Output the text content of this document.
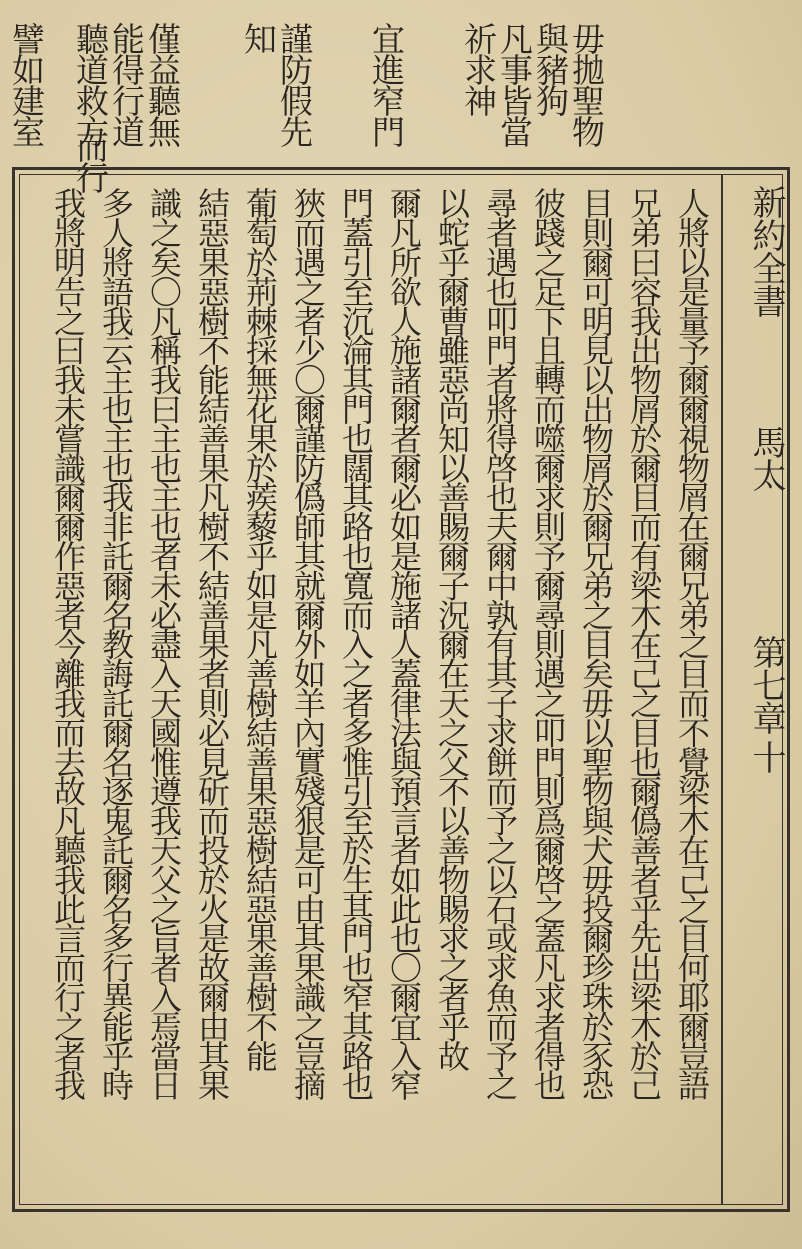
毋拋聖物
與豬狗
凡事皆當
祈求神
宜進窄門
謹防假先
知
僅益聽無
能得行道
聽道救方
而行
譬如建室
新約全書
馬太
第七章
十
人將以是量予爾爾視物屑在爾兄弟之目而不覺梁木在己之目何耶爾豈語
兄弟曰容我出物屑於爾目而有梁木在己之目也爾僞善者乎先出梁木於己
目則爾可明見以出物屑於爾兄弟之目矣毋以聖物與犬毋投爾珍珠於豕恐
彼踐之足下且轉而噬爾求則予爾尋則遇之叩門則爲爾啓之蓋凡求者得也
尋者遇也叩門者將得啓也夫爾中孰有其子求餅而予之以石或求魚而予之
以蛇乎爾曹雖惡尚知以善賜爾子況爾在天之父不以善物賜求之者乎故
爾凡所欲人施諸爾者爾必如是施諸人蓋律法與預言者如此也〇爾宜入窄
門蓋引至沉淪其門也闊其路也寬而入之者多惟引至於生其門也窄其路也
狹而遇之者少〇爾謹防僞師其就爾外如羊內實殘狠是可由其果識之豈摘
葡萄於荊棘採無花果於蒺藜乎如是凡善樹結善果惡樹結惡果善樹不能
結惡果惡樹不能結善果凡樹不結善果者則必見斫而投於火是故爾由其果
識之矣〇凡稱我曰主也主也者未必盡入天國惟遵我天父之旨者入焉當日
多人將語我云主也主也我非託爾名教誨託爾名逐鬼託爾名多行異能乎時
我將明告之曰我未嘗識爾爾作惡者今離我而去故凡聽我此言而行之者我
